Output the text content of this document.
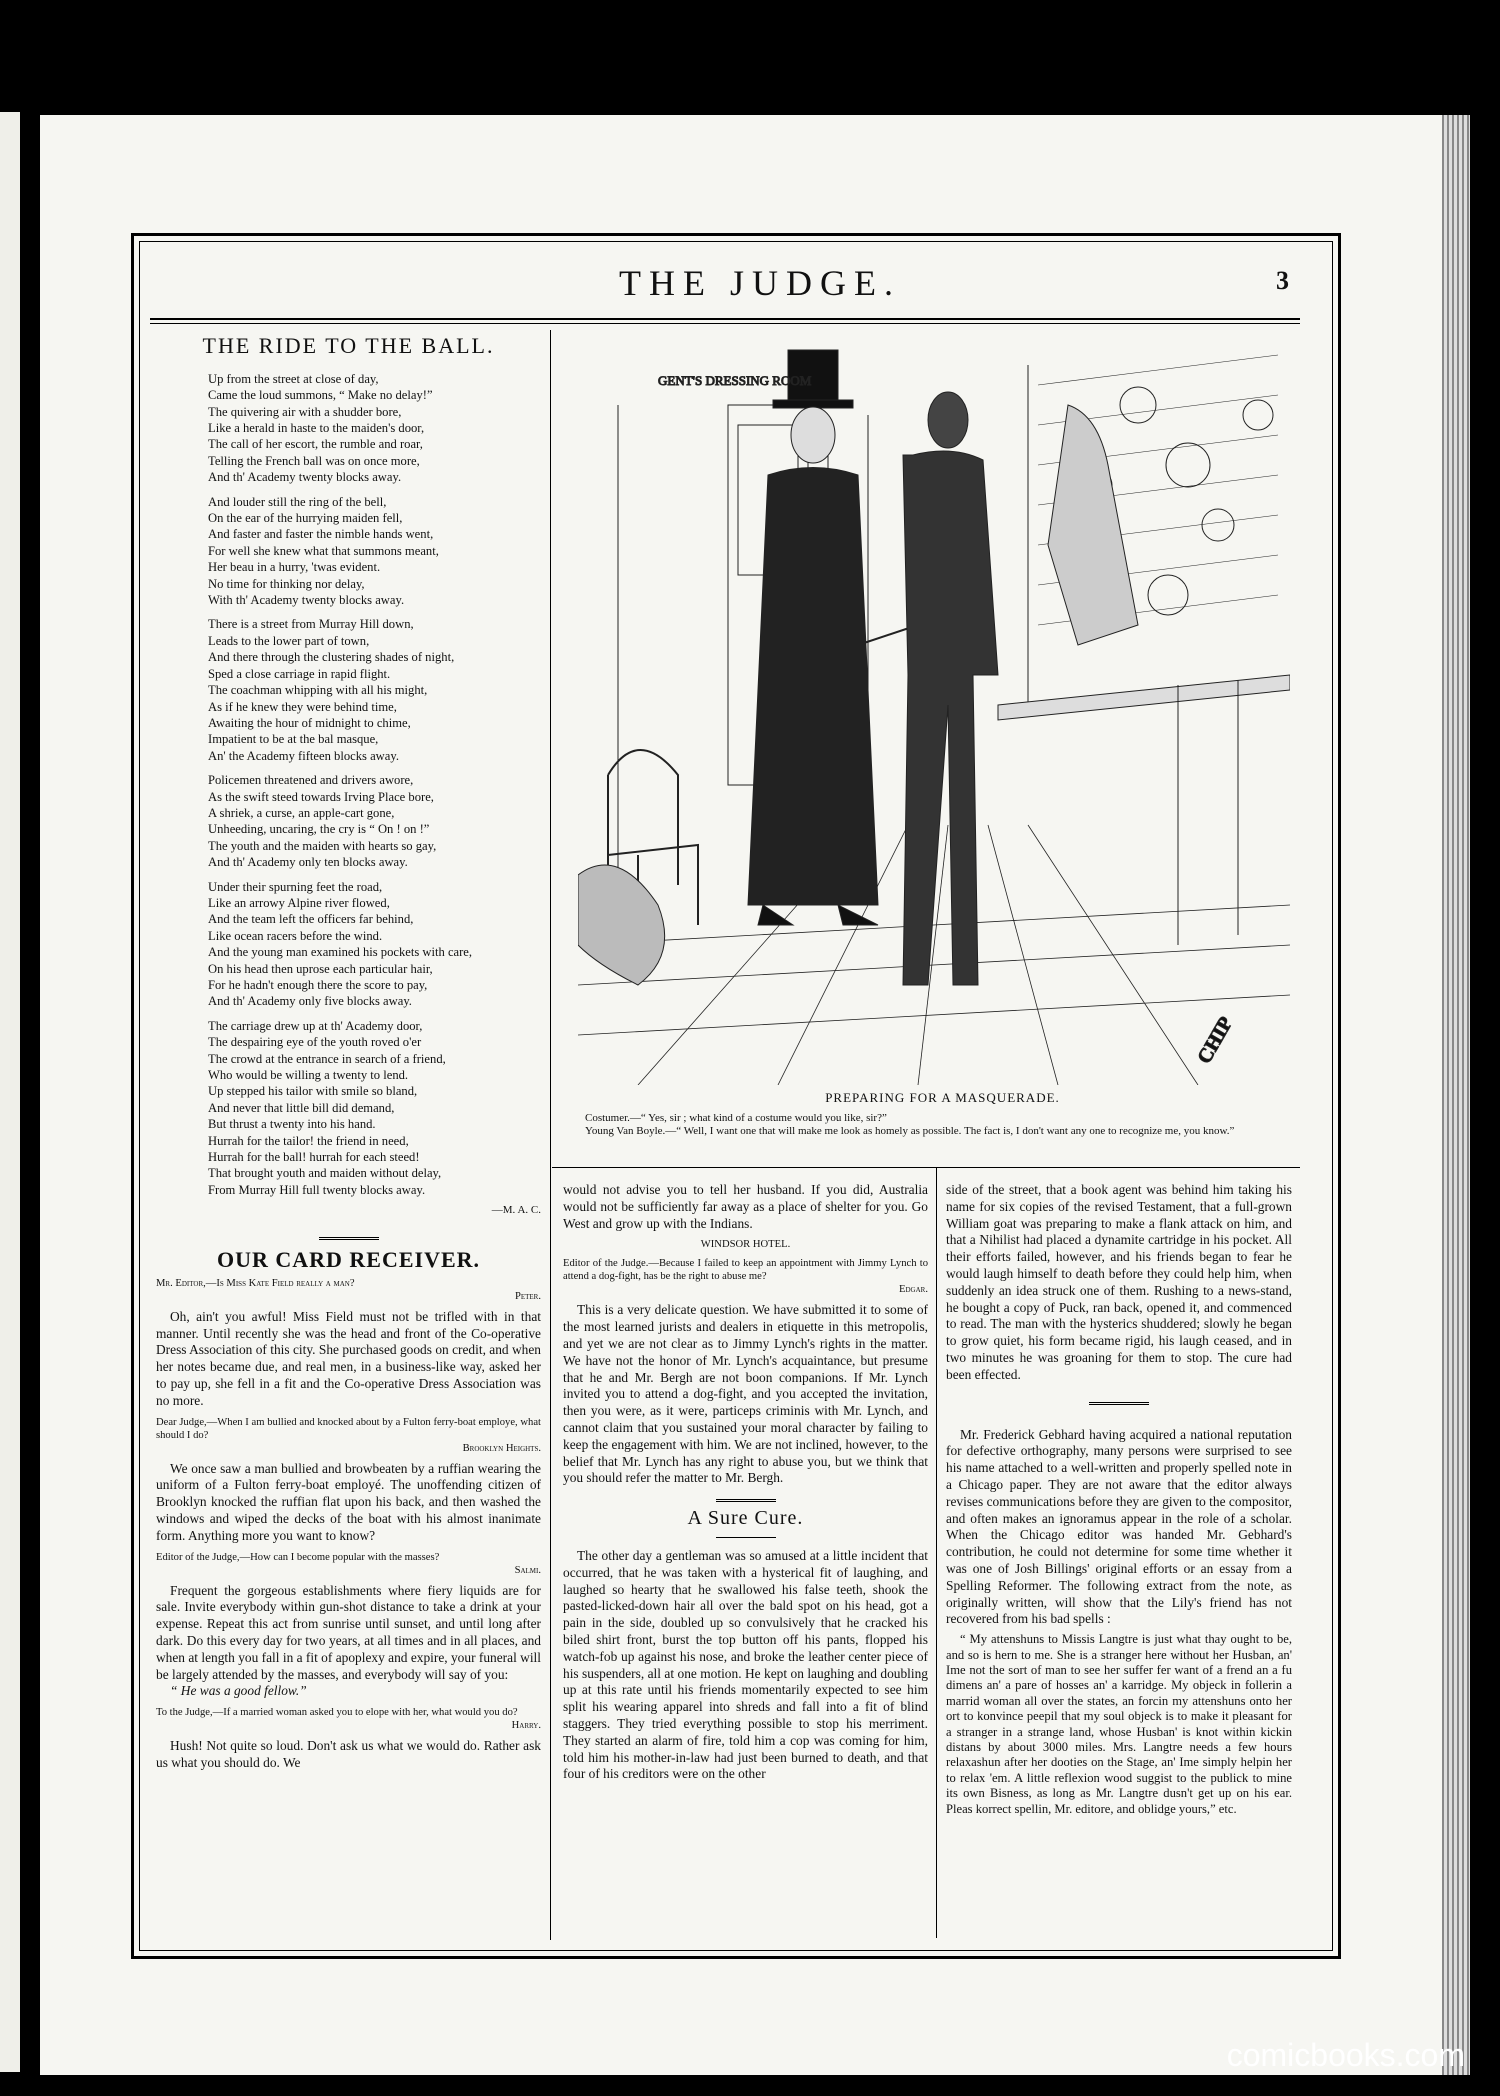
THE JUDGE.	3
THE RIDE TO THE BALL.
Up from the street at close of day,
Came the loud summons, “ Make no delay!”
The quivering air with a shudder bore,
Like a herald in haste to the maiden's door,
The call of her escort, the rumble and roar,
Telling the French ball was on once more,
And th' Academy twenty blocks away.
And louder still the ring of the bell,
On the ear of the hurrying maiden fell,
And faster and faster the nimble hands went,
For well she knew what that summons meant,
Her beau in a hurry, 'twas evident.
No time for thinking nor delay,
With th' Academy twenty blocks away.
There is a street from Murray Hill down,
Leads to the lower part of town,
And there through the clustering shades of night,
Sped a close carriage in rapid flight.
The coachman whipping with all his might,
As if he knew they were behind time,
Awaiting the hour of midnight to chime,
Impatient to be at the bal masque,
An' the Academy fifteen blocks away.
Policemen threatened and drivers awore,
As the swift steed towards Irving Place bore,
A shriek, a curse, an apple-cart gone,
Unheeding, uncaring, the cry is “ On ! on !”
The youth and the maiden with hearts so gay,
And th' Academy only ten blocks away.
Under their spurning feet the road,
Like an arrowy Alpine river flowed,
And the team left the officers far behind,
Like ocean racers before the wind.
And the young man examined his pockets with care,
On his head then uprose each particular hair,
For he hadn't enough there the score to pay,
And th' Academy only five blocks away.
The carriage drew up at th' Academy door,
The despairing eye of the youth roved o'er
The crowd at the entrance in search of a friend,
Who would be willing a twenty to lend.
Up stepped his tailor with smile so bland,
And never that little bill did demand,
But thrust a twenty into his hand.
Hurrah for the tailor! the friend in need,
Hurrah for the ball! hurrah for each steed!
That brought youth and maiden without delay,
From Murray Hill full twenty blocks away.
—M. A. C.
OUR CARD RECEIVER.
Mr. Editor,—Is Miss Kate Field really a man?
Peter.

Oh, ain't you awful! Miss Field must not be trifled with in that manner. Until recently she was the head and front of the Co-operative Dress Association of this city. She purchased goods on credit, and when her notes became due, and real men, in a business-like way, asked her to pay up, she fell in a fit and the Co-operative Dress Association was no more.

Dear Judge,—When I am bullied and knocked about by a Fulton ferry-boat employe, what should I do?
Brooklyn Heights.

We once saw a man bullied and browbeaten by a ruffian wearing the uniform of a Fulton ferry-boat employé. The unoffending citizen of Brooklyn knocked the ruffian flat upon his back, and then washed the windows and wiped the decks of the boat with his almost inanimate form. Anything more you want to know?

Editor of the Judge,—How can I become popular with the masses?
Salmi.

Frequent the gorgeous establishments where fiery liquids are for sale. Invite everybody within gun-shot distance to take a drink at your expense. Repeat this act from sunrise until sunset, and until long after dark. Do this every day for two years, at all times and in all places, and when at length you fall in a fit of apoplexy and expire, your funeral will be largely attended by the masses, and everybody will say of you:

“ He was a good fellow.”

To the Judge,—If a married woman asked you to elope with her, what would you do?
Harry.

Hush! Not quite so loud. Don't ask us what we would do. Rather ask us what you should do. We

GENT'S DRESSING ROOM
CHIP
PREPARING FOR A MASQUERADE.
Costumer.—“ Yes, sir ; what kind of a costume would you like, sir?”
Young Van Boyle.—“ Well, I want one that will make me look as homely as possible. The fact is, I don't want any one to recognize me, you know.”

would not advise you to tell her husband. If you did, Australia would not be sufficiently far away as a place of shelter for you. Go West and grow up with the Indians.

WINDSOR HOTEL.
Editor of the Judge.—Because I failed to keep an appointment with Jimmy Lynch to attend a dog-fight, has be the right to abuse me?
Edgar.

This is a very delicate question. We have submitted it to some of the most learned jurists and dealers in etiquette in this metropolis, and yet we are not clear as to Jimmy Lynch's rights in the matter. We have not the honor of Mr. Lynch's acquaintance, but presume that he and Mr. Bergh are not boon companions. If Mr. Lynch invited you to attend a dog-fight, and you accepted the invitation, then you were, as it were, particeps criminis with Mr. Lynch, and cannot claim that you sustained your moral character by failing to keep the engagement with him. We are not inclined, however, to the belief that Mr. Lynch has any right to abuse you, but we think that you should refer the matter to Mr. Bergh.

A Sure Cure.

The other day a gentleman was so amused at a little incident that occurred, that he was taken with a hysterical fit of laughing, and laughed so hearty that he swallowed his false teeth, shook the pasted-licked-down hair all over the bald spot on his head, got a pain in the side, doubled up so convulsively that he cracked his biled shirt front, burst the top button off his pants, flopped his watch-fob up against his nose, and broke the leather center piece of his suspenders, all at one motion. He kept on laughing and doubling up at this rate until his friends momentarily expected to see him split his wearing apparel into shreds and fall into a fit of blind staggers. They tried everything possible to stop his merriment. They started an alarm of fire, told him a cop was coming for him, told him his mother-in-law had just been burned to death, and that four of his creditors were on the other

side of the street, that a book agent was behind him taking his name for six copies of the revised Testament, that a full-grown William goat was preparing to make a flank attack on him, and that a Nihilist had placed a dynamite cartridge in his pocket. All their efforts failed, however, and his friends began to fear he would laugh himself to death before they could help him, when suddenly an idea struck one of them. Rushing to a news-stand, he bought a copy of Puck, ran back, opened it, and commenced to read. The man with the hysterics shuddered; slowly he began to grow quiet, his form became rigid, his laugh ceased, and in two minutes he was groaning for them to stop. The cure had been effected.

Mr. Frederick Gebhard having acquired a national reputation for defective orthography, many persons were surprised to see his name attached to a well-written and properly spelled note in a Chicago paper. They are not aware that the editor always revises communications before they are given to the compositor, and often makes an ignoramus appear in the role of a scholar. When the Chicago editor was handed Mr. Gebhard's contribution, he could not determine for some time whether it was one of Josh Billings' original efforts or an essay from a Spelling Reformer. The following extract from the note, as originally written, will show that the Lily's friend has not recovered from his bad spells :

“ My attenshuns to Missis Langtre is just what thay ought to be, and so is hern to me. She is a stranger here without her Husban, an' Ime not the sort of man to see her suffer fer want of a frend an a fu dimens an' a pare of hosses an' a karridge. My objeck in follerin a marrid woman all over the states, an forcin my attenshuns onto her ort to konvince peepil that my soul objeck is to make it pleasant for a stranger in a strange land, whose Husban' is knot within kickin distans by about 3000 miles. Mrs. Langtre needs a few hours relaxashun after her dooties on the Stage, an' Ime simply helpin her to relax 'em. A little reflexion wood suggist to the publick to mine its own Bisness, as long as Mr. Langtre dusn't get up on his ear. Pleas korrect spellin, Mr. editore, and oblidge yours,” etc.

comicbooks.com
